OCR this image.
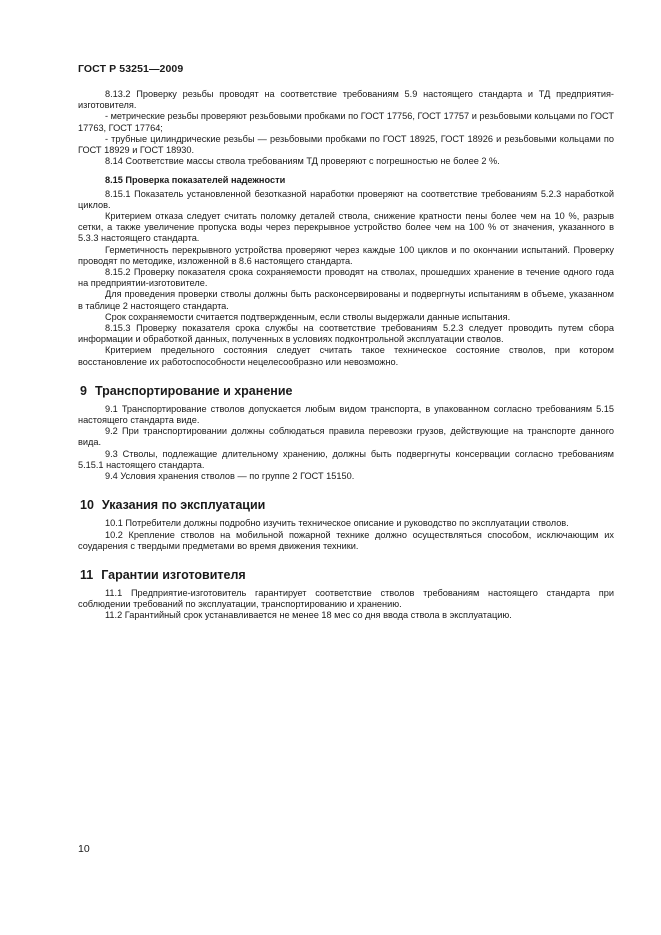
ГОСТ Р 53251—2009

8.13.2 Проверку резьбы проводят на соответствие требованиям 5.9 настоящего стандарта и ТД предприятия-изготовителя.

- метрические резьбы проверяют резьбовыми пробками по ГОСТ 17756, ГОСТ 17757 и резьбовыми кольцами по ГОСТ 17763, ГОСТ 17764;

- трубные цилиндрические резьбы — резьбовыми пробками по ГОСТ 18925, ГОСТ 18926 и резьбовыми кольцами по ГОСТ 18929 и ГОСТ 18930.

8.14 Соответствие массы ствола требованиям ТД проверяют с погрешностью не более 2 %.

8.15 Проверка показателей надежности

8.15.1 Показатель установленной безотказной наработки проверяют на соответствие требованиям 5.2.3 наработкой циклов.

Критерием отказа следует считать поломку деталей ствола, снижение кратности пены более чем на 10 %, разрыв сетки, а также увеличение пропуска воды через перекрывное устройство более чем на 100 % от значения, указанного в 5.3.3 настоящего стандарта.

Герметичность перекрывного устройства проверяют через каждые 100 циклов и по окончании испытаний. Проверку проводят по методике, изложенной в 8.6 настоящего стандарта.

8.15.2 Проверку показателя срока сохраняемости проводят на стволах, прошедших хранение в течение одного года на предприятии-изготовителе.

Для проведения проверки стволы должны быть расконсервированы и подвергнуты испытаниям в объеме, указанном в таблице 2 настоящего стандарта.

Срок сохраняемости считается подтвержденным, если стволы выдержали данные испытания.

8.15.3 Проверку показателя срока службы на соответствие требованиям 5.2.3 следует проводить путем сбора информации и обработкой данных, полученных в условиях подконтрольной эксплуатации стволов.

Критерием предельного состояния следует считать такое техническое состояние стволов, при котором восстановление их работоспособности нецелесообразно или невозможно.

9 Транспортирование и хранение

9.1 Транспортирование стволов допускается любым видом транспорта, в упакованном согласно требованиям 5.15 настоящего стандарта виде.

9.2 При транспортировании должны соблюдаться правила перевозки грузов, действующие на транспорте данного вида.

9.3 Стволы, подлежащие длительному хранению, должны быть подвергнуты консервации согласно требованиям 5.15.1 настоящего стандарта.

9.4 Условия хранения стволов — по группе 2 ГОСТ 15150.

10 Указания по эксплуатации

10.1 Потребители должны подробно изучить техническое описание и руководство по эксплуатации стволов.

10.2 Крепление стволов на мобильной пожарной технике должно осуществляться способом, исключающим их соударения с твердыми предметами во время движения техники.

11 Гарантии изготовителя

11.1 Предприятие-изготовитель гарантирует соответствие стволов требованиям настоящего стандарта при соблюдении требований по эксплуатации, транспортированию и хранению.

11.2 Гарантийный срок устанавливается не менее 18 мес со дня ввода ствола в эксплуатацию.

10
